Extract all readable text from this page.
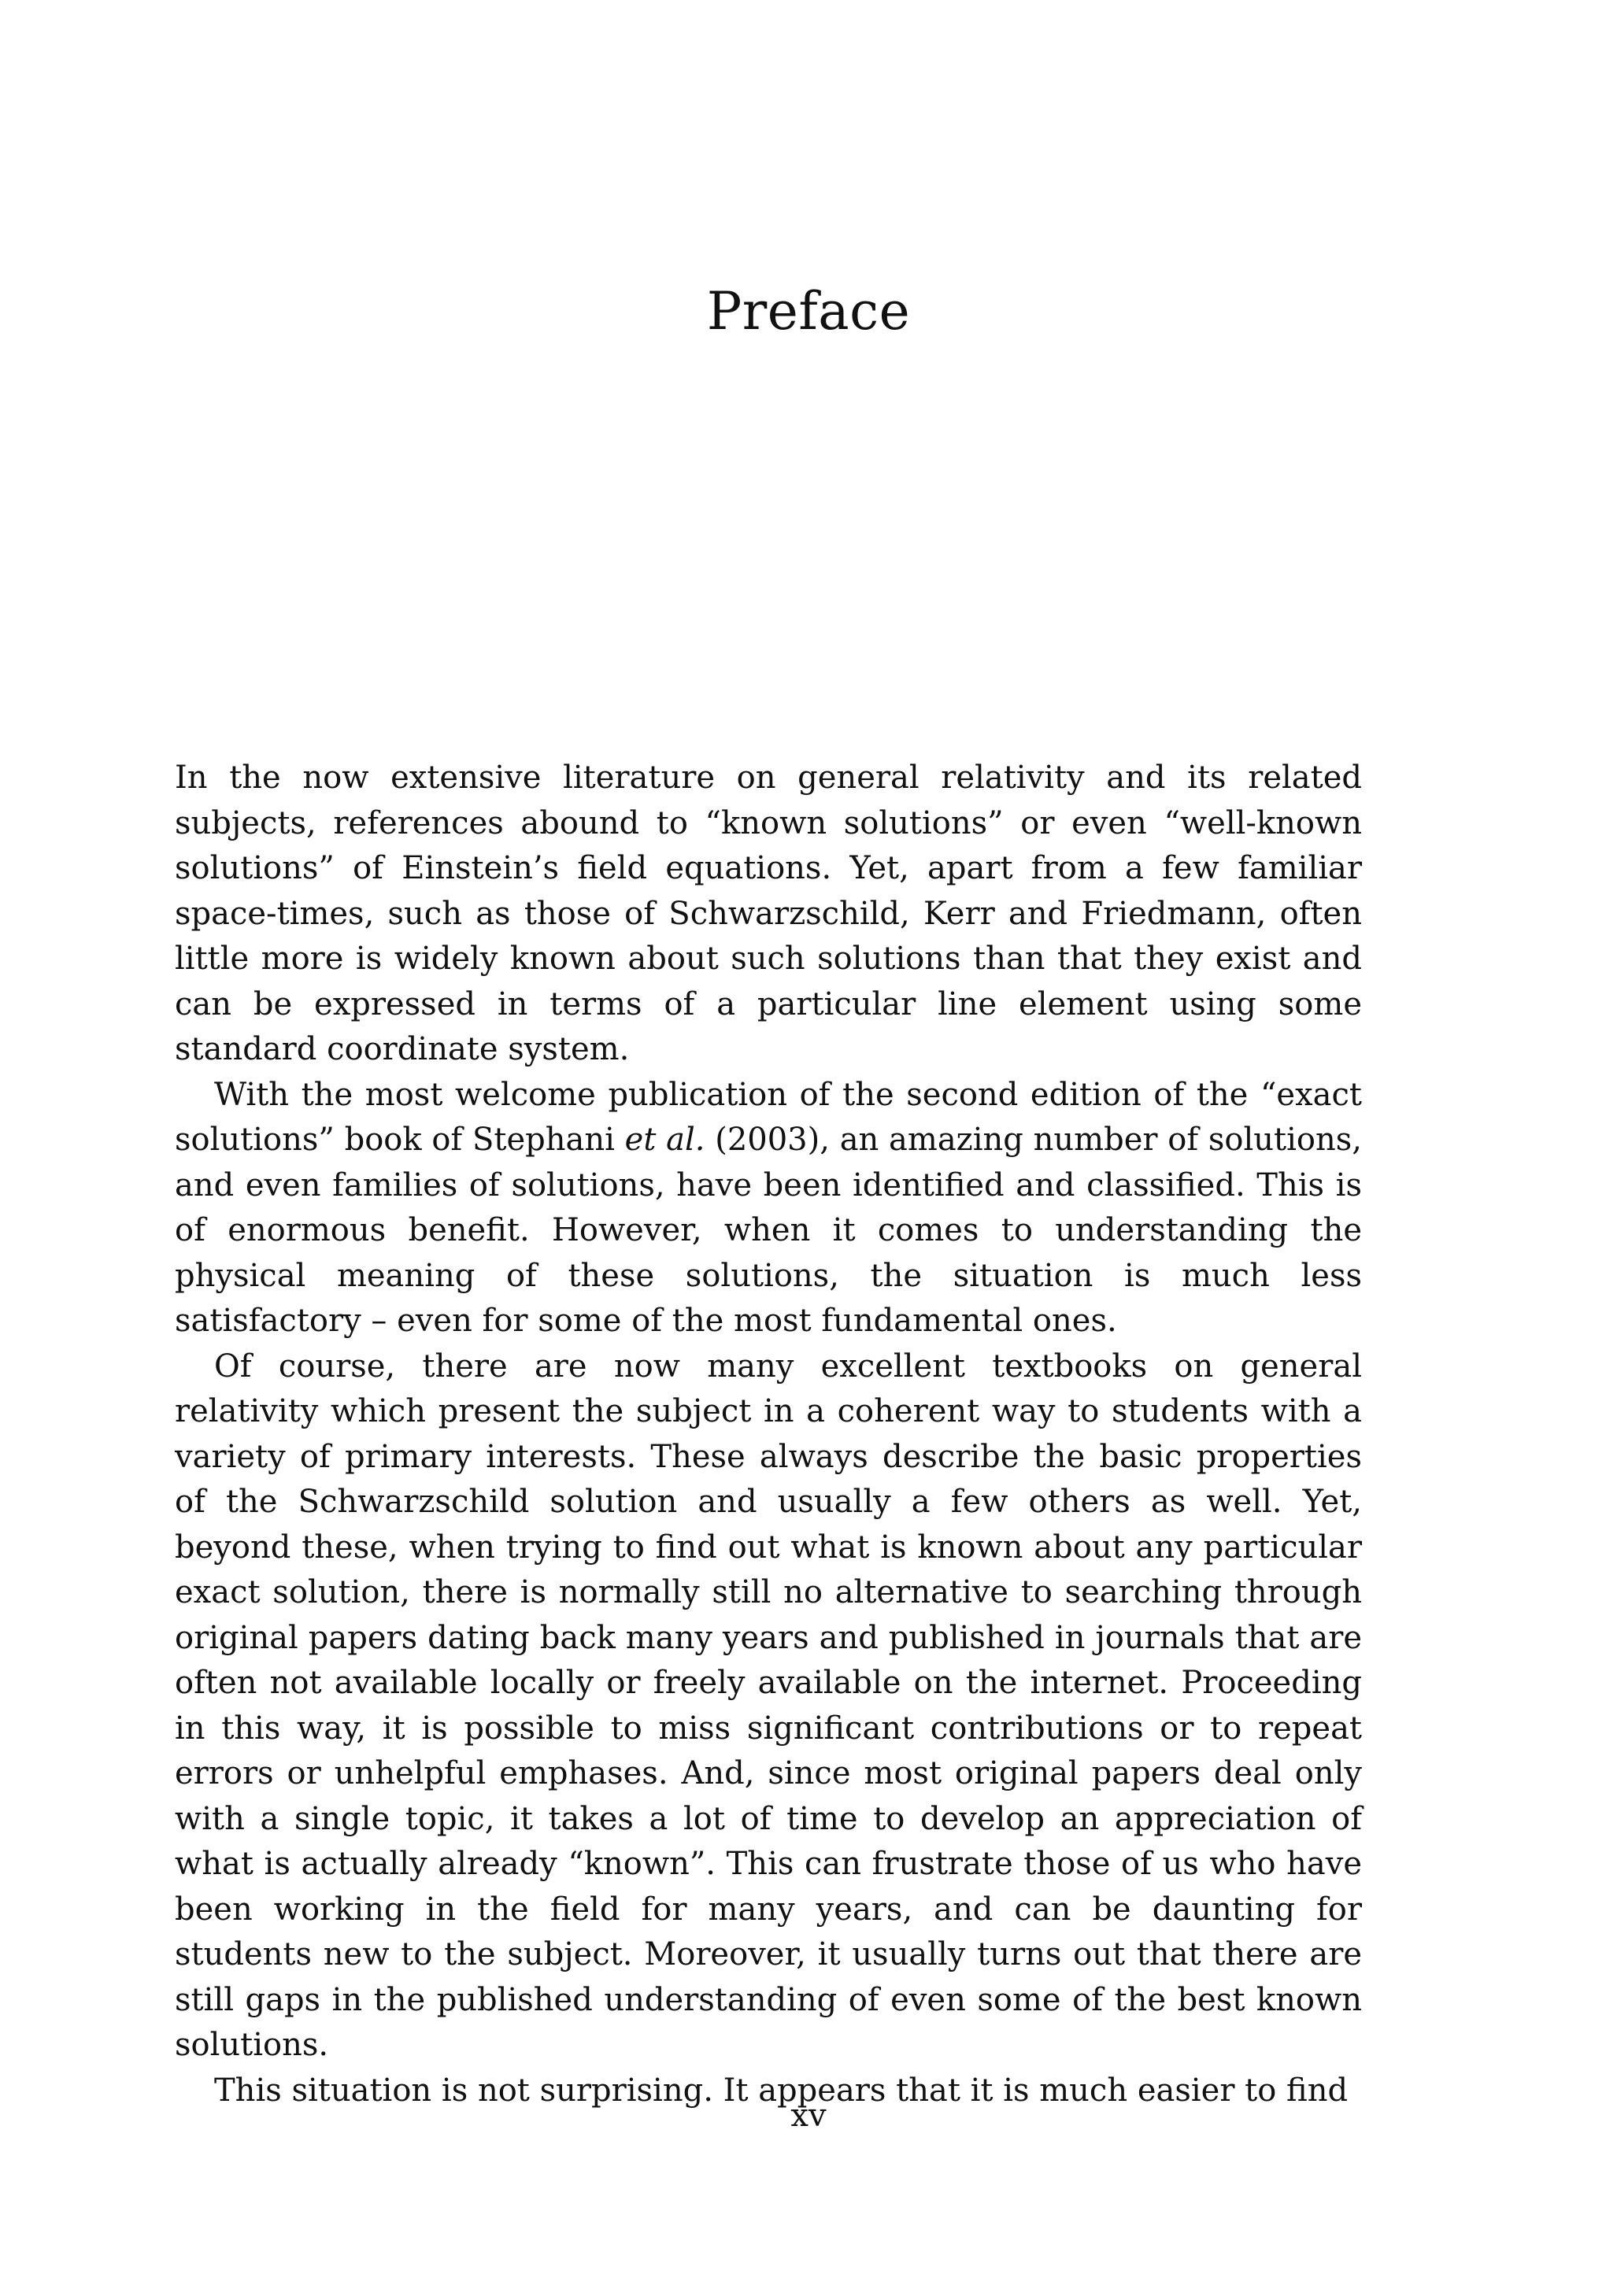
Preface

In the now extensive literature on general relativity and its related subjects, references abound to “known solutions” or even “well-known solutions” of Einstein’s field equations. Yet, apart from a few familiar space-times, such as those of Schwarzschild, Kerr and Friedmann, often little more is widely known about such solutions than that they exist and can be expressed in terms of a particular line element using some standard coordinate system.

With the most welcome publication of the second edition of the “exact solutions” book of Stephani et al. (2003), an amazing number of solutions, and even families of solutions, have been identified and classified. This is of enormous benefit. However, when it comes to understanding the physical meaning of these solutions, the situation is much less satisfactory – even for some of the most fundamental ones.

Of course, there are now many excellent textbooks on general relativity which present the subject in a coherent way to students with a variety of primary interests. These always describe the basic properties of the Schwarzschild solution and usually a few others as well. Yet, beyond these, when trying to find out what is known about any particular exact solution, there is normally still no alternative to searching through original papers dating back many years and published in journals that are often not available locally or freely available on the internet. Proceeding in this way, it is possible to miss significant contributions or to repeat errors or unhelpful emphases. And, since most original papers deal only with a single topic, it takes a lot of time to develop an appreciation of what is actually already “known”. This can frustrate those of us who have been working in the field for many years, and can be daunting for students new to the subject. Moreover, it usually turns out that there are still gaps in the published understanding of even some of the best known solutions.

This situation is not surprising. It appears that it is much easier to find

xv
